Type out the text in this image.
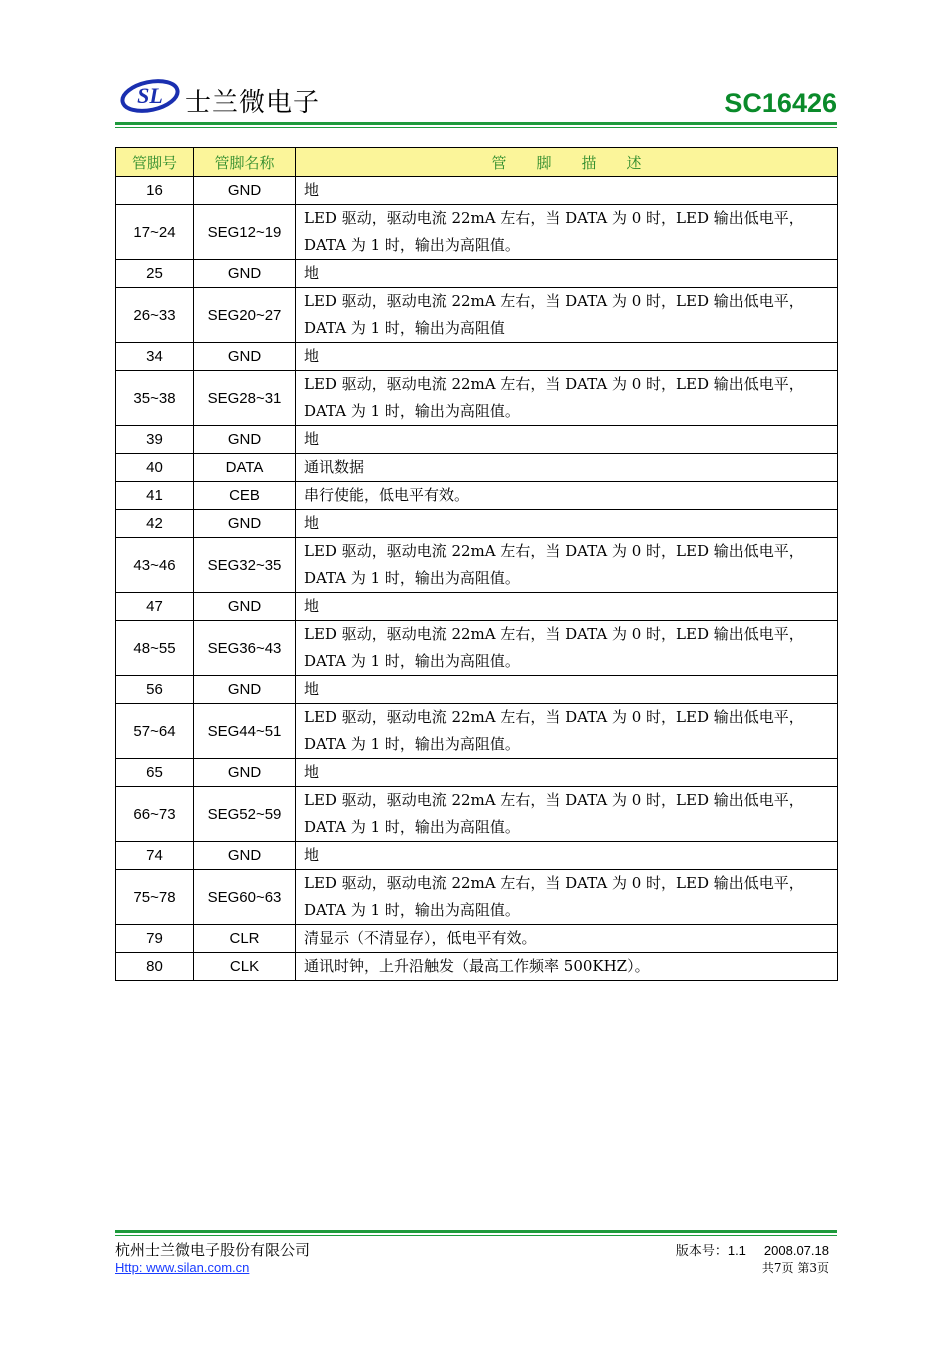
SL 士兰微电子	SC16426
管脚号	管脚名称	管　　脚　　描　　述
16	GND	地
17~24	SEG12~19	LED 驱动，驱动电流 22mA 左右，当 DATA 为 0 时，LED 输出低电平，DATA 为 1 时，输出为高阻值。
25	GND	地
26~33	SEG20~27	LED 驱动，驱动电流 22mA 左右，当 DATA 为 0 时，LED 输出低电平，DATA 为 1 时，输出为高阻值
34	GND	地
35~38	SEG28~31	LED 驱动，驱动电流 22mA 左右，当 DATA 为 0 时，LED 输出低电平，DATA 为 1 时，输出为高阻值。
39	GND	地
40	DATA	通讯数据
41	CEB	串行使能，低电平有效。
42	GND	地
43~46	SEG32~35	LED 驱动，驱动电流 22mA 左右，当 DATA 为 0 时，LED 输出低电平，DATA 为 1 时，输出为高阻值。
47	GND	地
48~55	SEG36~43	LED 驱动，驱动电流 22mA 左右，当 DATA 为 0 时，LED 输出低电平，DATA 为 1 时，输出为高阻值。
56	GND	地
57~64	SEG44~51	LED 驱动，驱动电流 22mA 左右，当 DATA 为 0 时，LED 输出低电平，DATA 为 1 时，输出为高阻值。
65	GND	地
66~73	SEG52~59	LED 驱动，驱动电流 22mA 左右，当 DATA 为 0 时，LED 输出低电平，DATA 为 1 时，输出为高阻值。
74	GND	地
75~78	SEG60~63	LED 驱动，驱动电流 22mA 左右，当 DATA 为 0 时，LED 输出低电平，DATA 为 1 时，输出为高阻值。
79	CLR	清显示（不清显存），低电平有效。
80	CLK	通讯时钟，上升沿触发（最高工作频率 500KHZ）。
杭州士兰微电子股份有限公司
Http: www.silan.com.cn
版本号：1.1 2008.07.18
共7页 第3页
